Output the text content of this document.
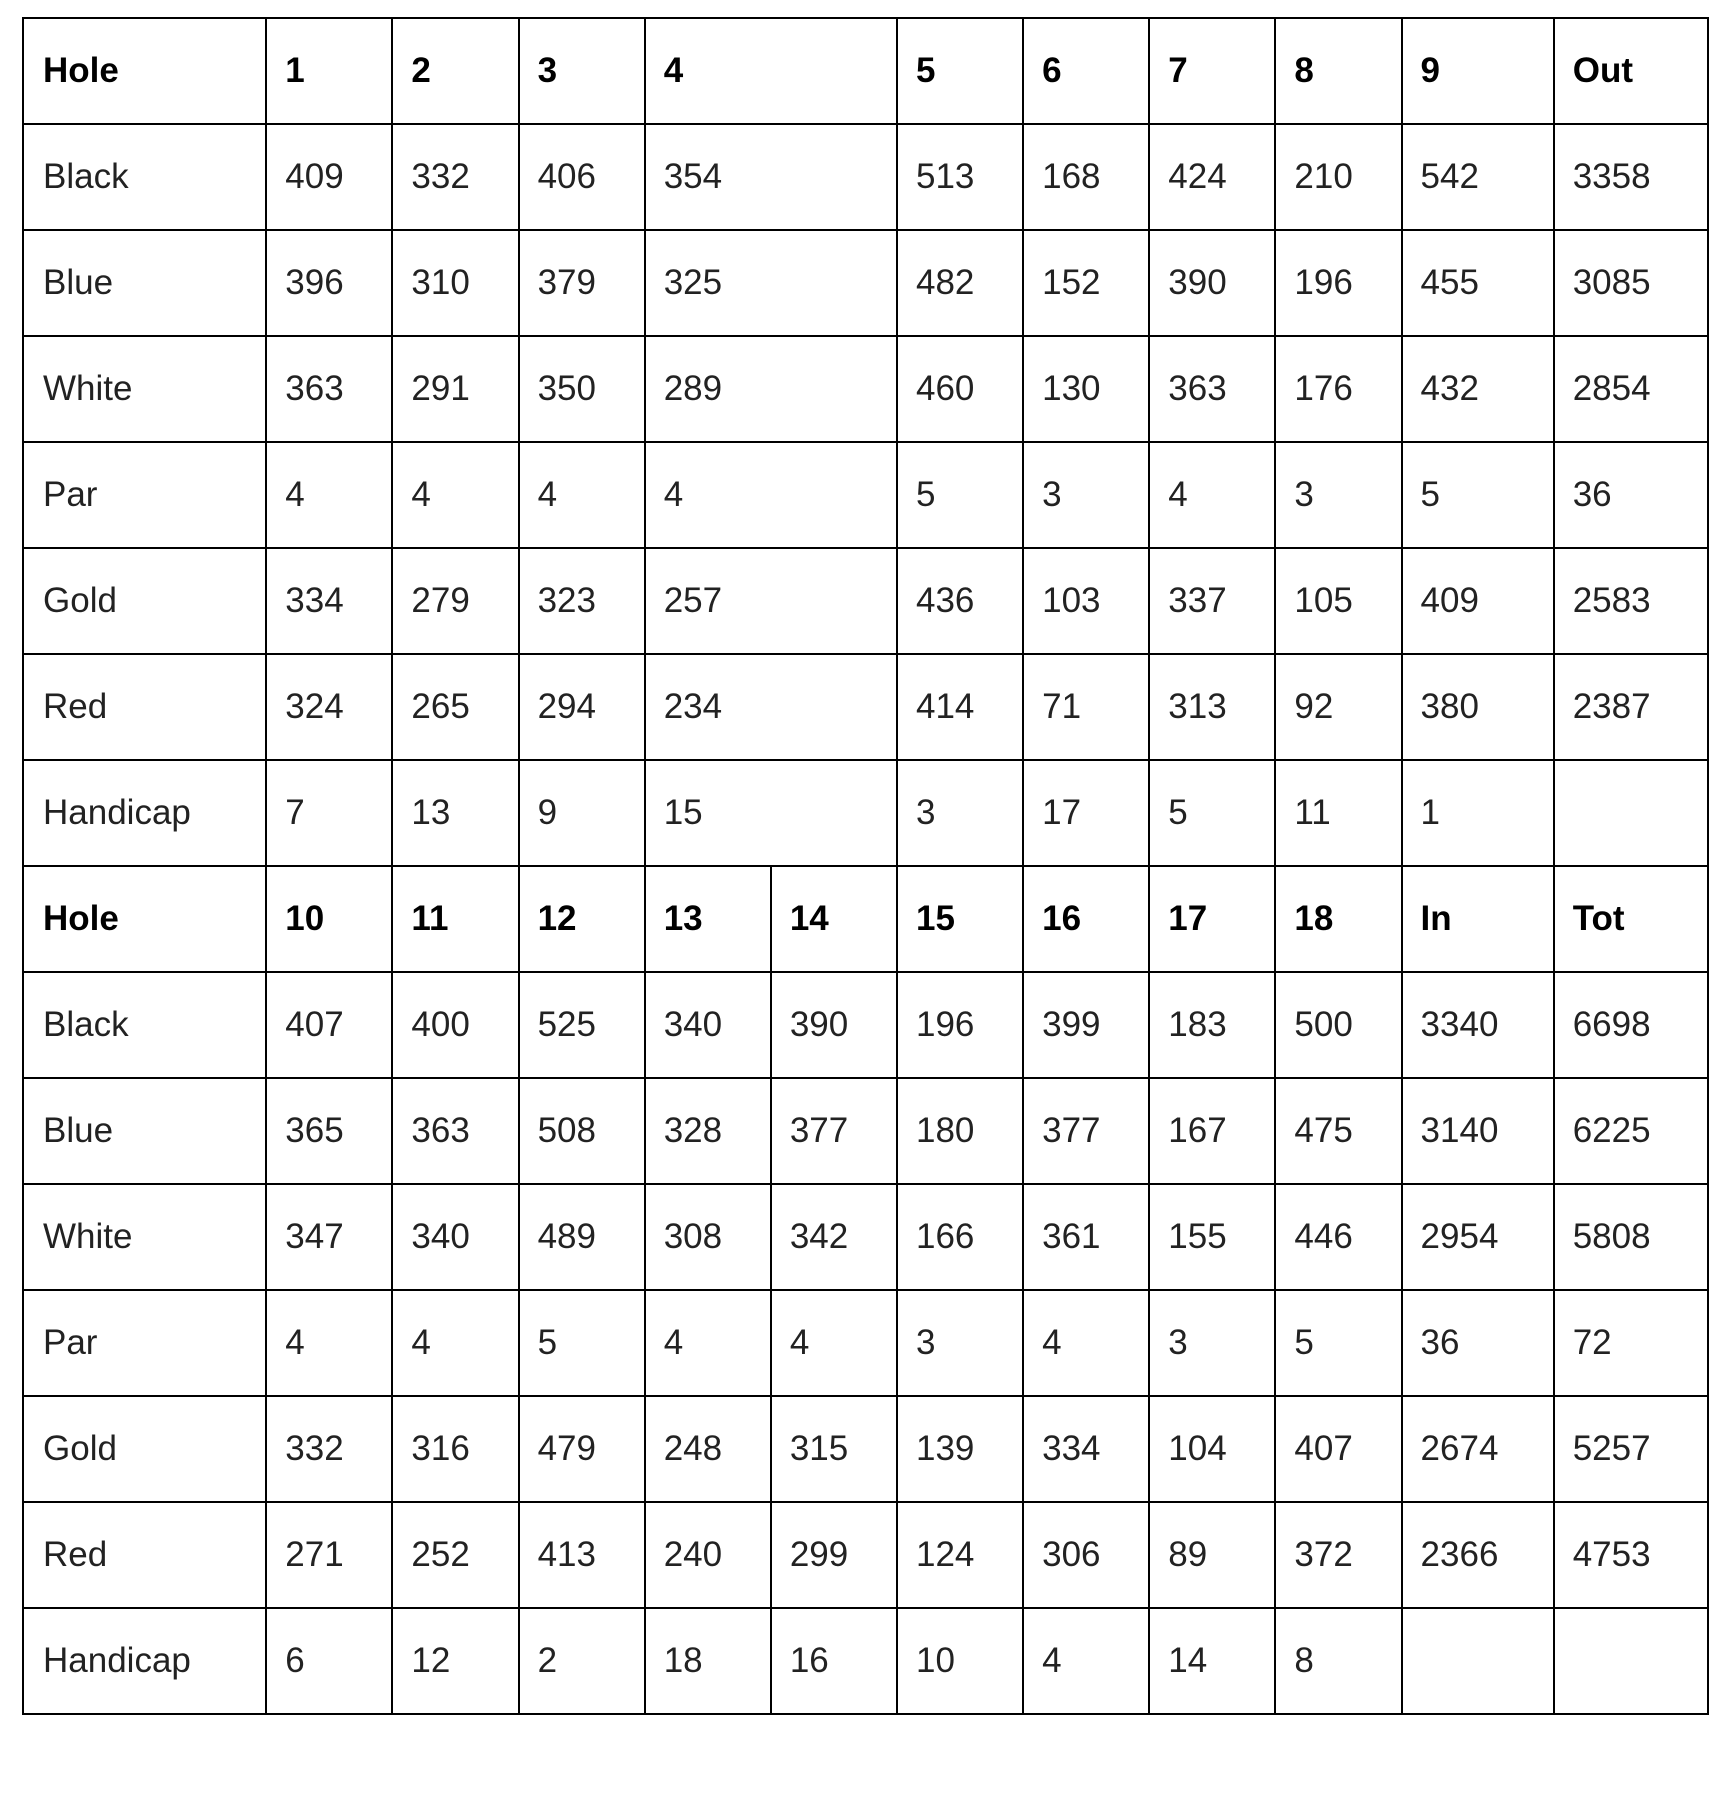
Hole	1	2	3	4		5	6	7	8	9	Out
Black	409	332	406	354		513	168	424	210	542	3358
Blue	396	310	379	325		482	152	390	196	455	3085
White	363	291	350	289		460	130	363	176	432	2854
Par	4	4	4	4		5	3	4	3	5	36
Gold	334	279	323	257		436	103	337	105	409	2583
Red	324	265	294	234		414	71	313	92	380	2387
Handicap	7	13	9	15		3	17	5	11	1	
Hole	10	11	12	13	14	15	16	17	18	In	Tot
Black	407	400	525	340	390	196	399	183	500	3340	6698
Blue	365	363	508	328	377	180	377	167	475	3140	6225
White	347	340	489	308	342	166	361	155	446	2954	5808
Par	4	4	5	4	4	3	4	3	5	36	72
Gold	332	316	479	248	315	139	334	104	407	2674	5257
Red	271	252	413	240	299	124	306	89	372	2366	4753
Handicap	6	12	2	18	16	10	4	14	8		
